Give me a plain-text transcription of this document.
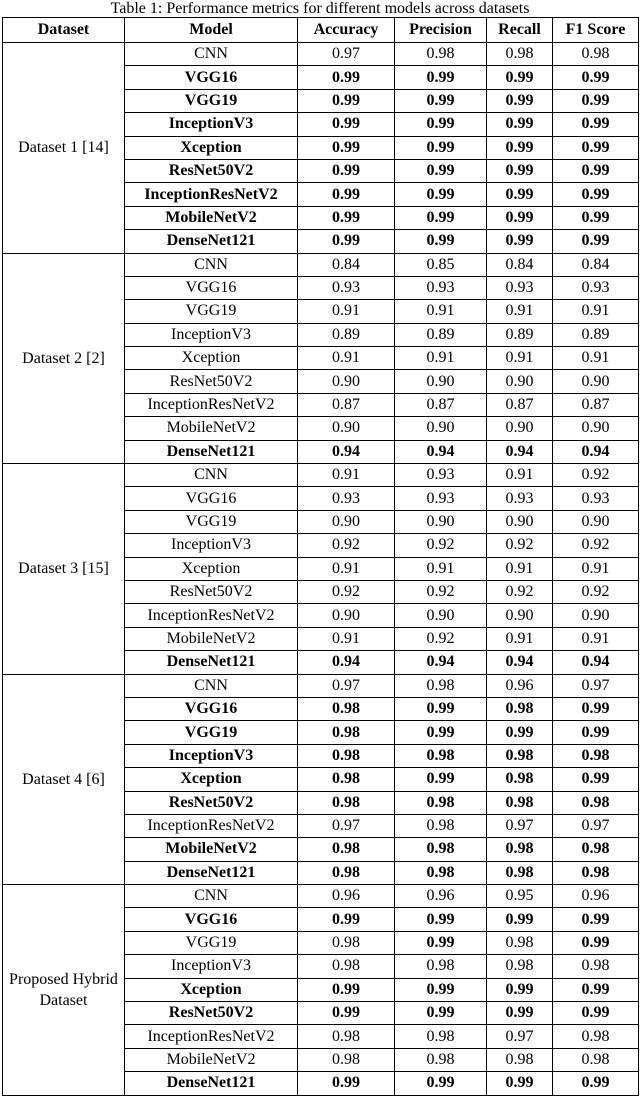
Table 1: Performance metrics for different models across datasets
Dataset	Model	Accuracy	Precision	Recall	F1 Score
Dataset 1 [14]	CNN	0.97	0.98	0.98	0.98
	VGG16	0.99	0.99	0.99	0.99
	VGG19	0.99	0.99	0.99	0.99
	InceptionV3	0.99	0.99	0.99	0.99
	Xception	0.99	0.99	0.99	0.99
	ResNet50V2	0.99	0.99	0.99	0.99
	InceptionResNetV2	0.99	0.99	0.99	0.99
	MobileNetV2	0.99	0.99	0.99	0.99
	DenseNet121	0.99	0.99	0.99	0.99
Dataset 2 [2]	CNN	0.84	0.85	0.84	0.84
	VGG16	0.93	0.93	0.93	0.93
	VGG19	0.91	0.91	0.91	0.91
	InceptionV3	0.89	0.89	0.89	0.89
	Xception	0.91	0.91	0.91	0.91
	ResNet50V2	0.90	0.90	0.90	0.90
	InceptionResNetV2	0.87	0.87	0.87	0.87
	MobileNetV2	0.90	0.90	0.90	0.90
	DenseNet121	0.94	0.94	0.94	0.94
Dataset 3 [15]	CNN	0.91	0.93	0.91	0.92
	VGG16	0.93	0.93	0.93	0.93
	VGG19	0.90	0.90	0.90	0.90
	InceptionV3	0.92	0.92	0.92	0.92
	Xception	0.91	0.91	0.91	0.91
	ResNet50V2	0.92	0.92	0.92	0.92
	InceptionResNetV2	0.90	0.90	0.90	0.90
	MobileNetV2	0.91	0.92	0.91	0.91
	DenseNet121	0.94	0.94	0.94	0.94
Dataset 4 [6]	CNN	0.97	0.98	0.96	0.97
	VGG16	0.98	0.99	0.98	0.99
	VGG19	0.98	0.99	0.99	0.99
	InceptionV3	0.98	0.98	0.98	0.98
	Xception	0.98	0.99	0.98	0.99
	ResNet50V2	0.98	0.98	0.98	0.98
	InceptionResNetV2	0.97	0.98	0.97	0.97
	MobileNetV2	0.98	0.98	0.98	0.98
	DenseNet121	0.98	0.98	0.98	0.98
Proposed Hybrid Dataset	CNN	0.96	0.96	0.95	0.96
	VGG16	0.99	0.99	0.99	0.99
	VGG19	0.98	0.99	0.98	0.99
	InceptionV3	0.98	0.98	0.98	0.98
	Xception	0.99	0.99	0.99	0.99
	ResNet50V2	0.99	0.99	0.99	0.99
	InceptionResNetV2	0.98	0.98	0.97	0.98
	MobileNetV2	0.98	0.98	0.98	0.98
	DenseNet121	0.99	0.99	0.99	0.99
